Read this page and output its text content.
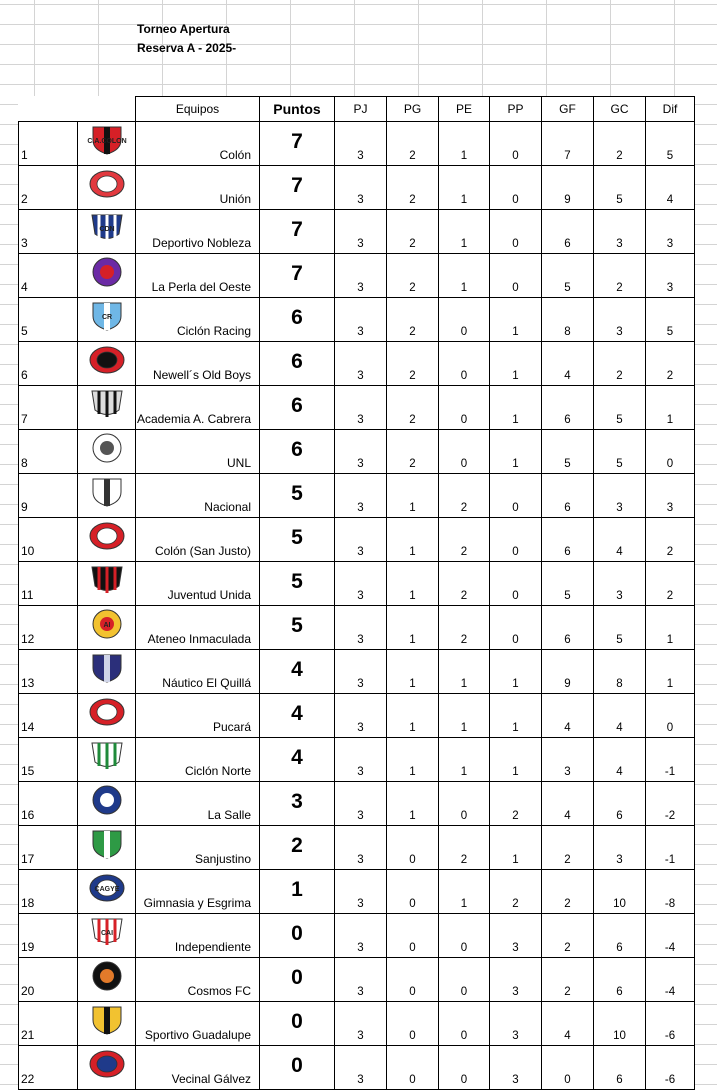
Torneo Apertura
Reserva A - 2025-
		Equipos	Puntos	PJ	PG	PE	PP	GF	GC	Dif
1	C.A.COLON	Colón	7	3	2	1	0	7	2	5
2		Unión	7	3	2	1	0	9	5	4
3	CDN	Deportivo Nobleza	7	3	2	1	0	6	3	3
4		La Perla del Oeste	7	3	2	1	0	5	2	3
5	CR	Ciclón Racing	6	3	2	0	1	8	3	5
6		Newell´s Old Boys	6	3	2	0	1	4	2	2
7		Academia A. Cabrera	6	3	2	0	1	6	5	1
8		UNL	6	3	2	0	1	5	5	0
9		Nacional	5	3	1	2	0	6	3	3
10		Colón (San Justo)	5	3	1	2	0	6	4	2
11		Juventud Unida	5	3	1	2	0	5	3	2
12	AI	Ateneo Inmaculada	5	3	1	2	0	6	5	1
13		Náutico El Quillá	4	3	1	1	1	9	8	1
14		Pucará	4	3	1	1	1	4	4	0
15		Ciclón Norte	4	3	1	1	1	3	4	-1
16		La Salle	3	3	1	0	2	4	6	-2
17		Sanjustino	2	3	0	2	1	2	3	-1
18	CAGYE	Gimnasia y Esgrima	1	3	0	1	2	2	10	-8
19	CAI	Independiente	0	3	0	0	3	2	6	-4
20		Cosmos FC	0	3	0	0	3	2	6	-4
21		Sportivo Guadalupe	0	3	0	0	3	4	10	-6
22		Vecinal Gálvez	0	3	0	0	3	0	6	-6
